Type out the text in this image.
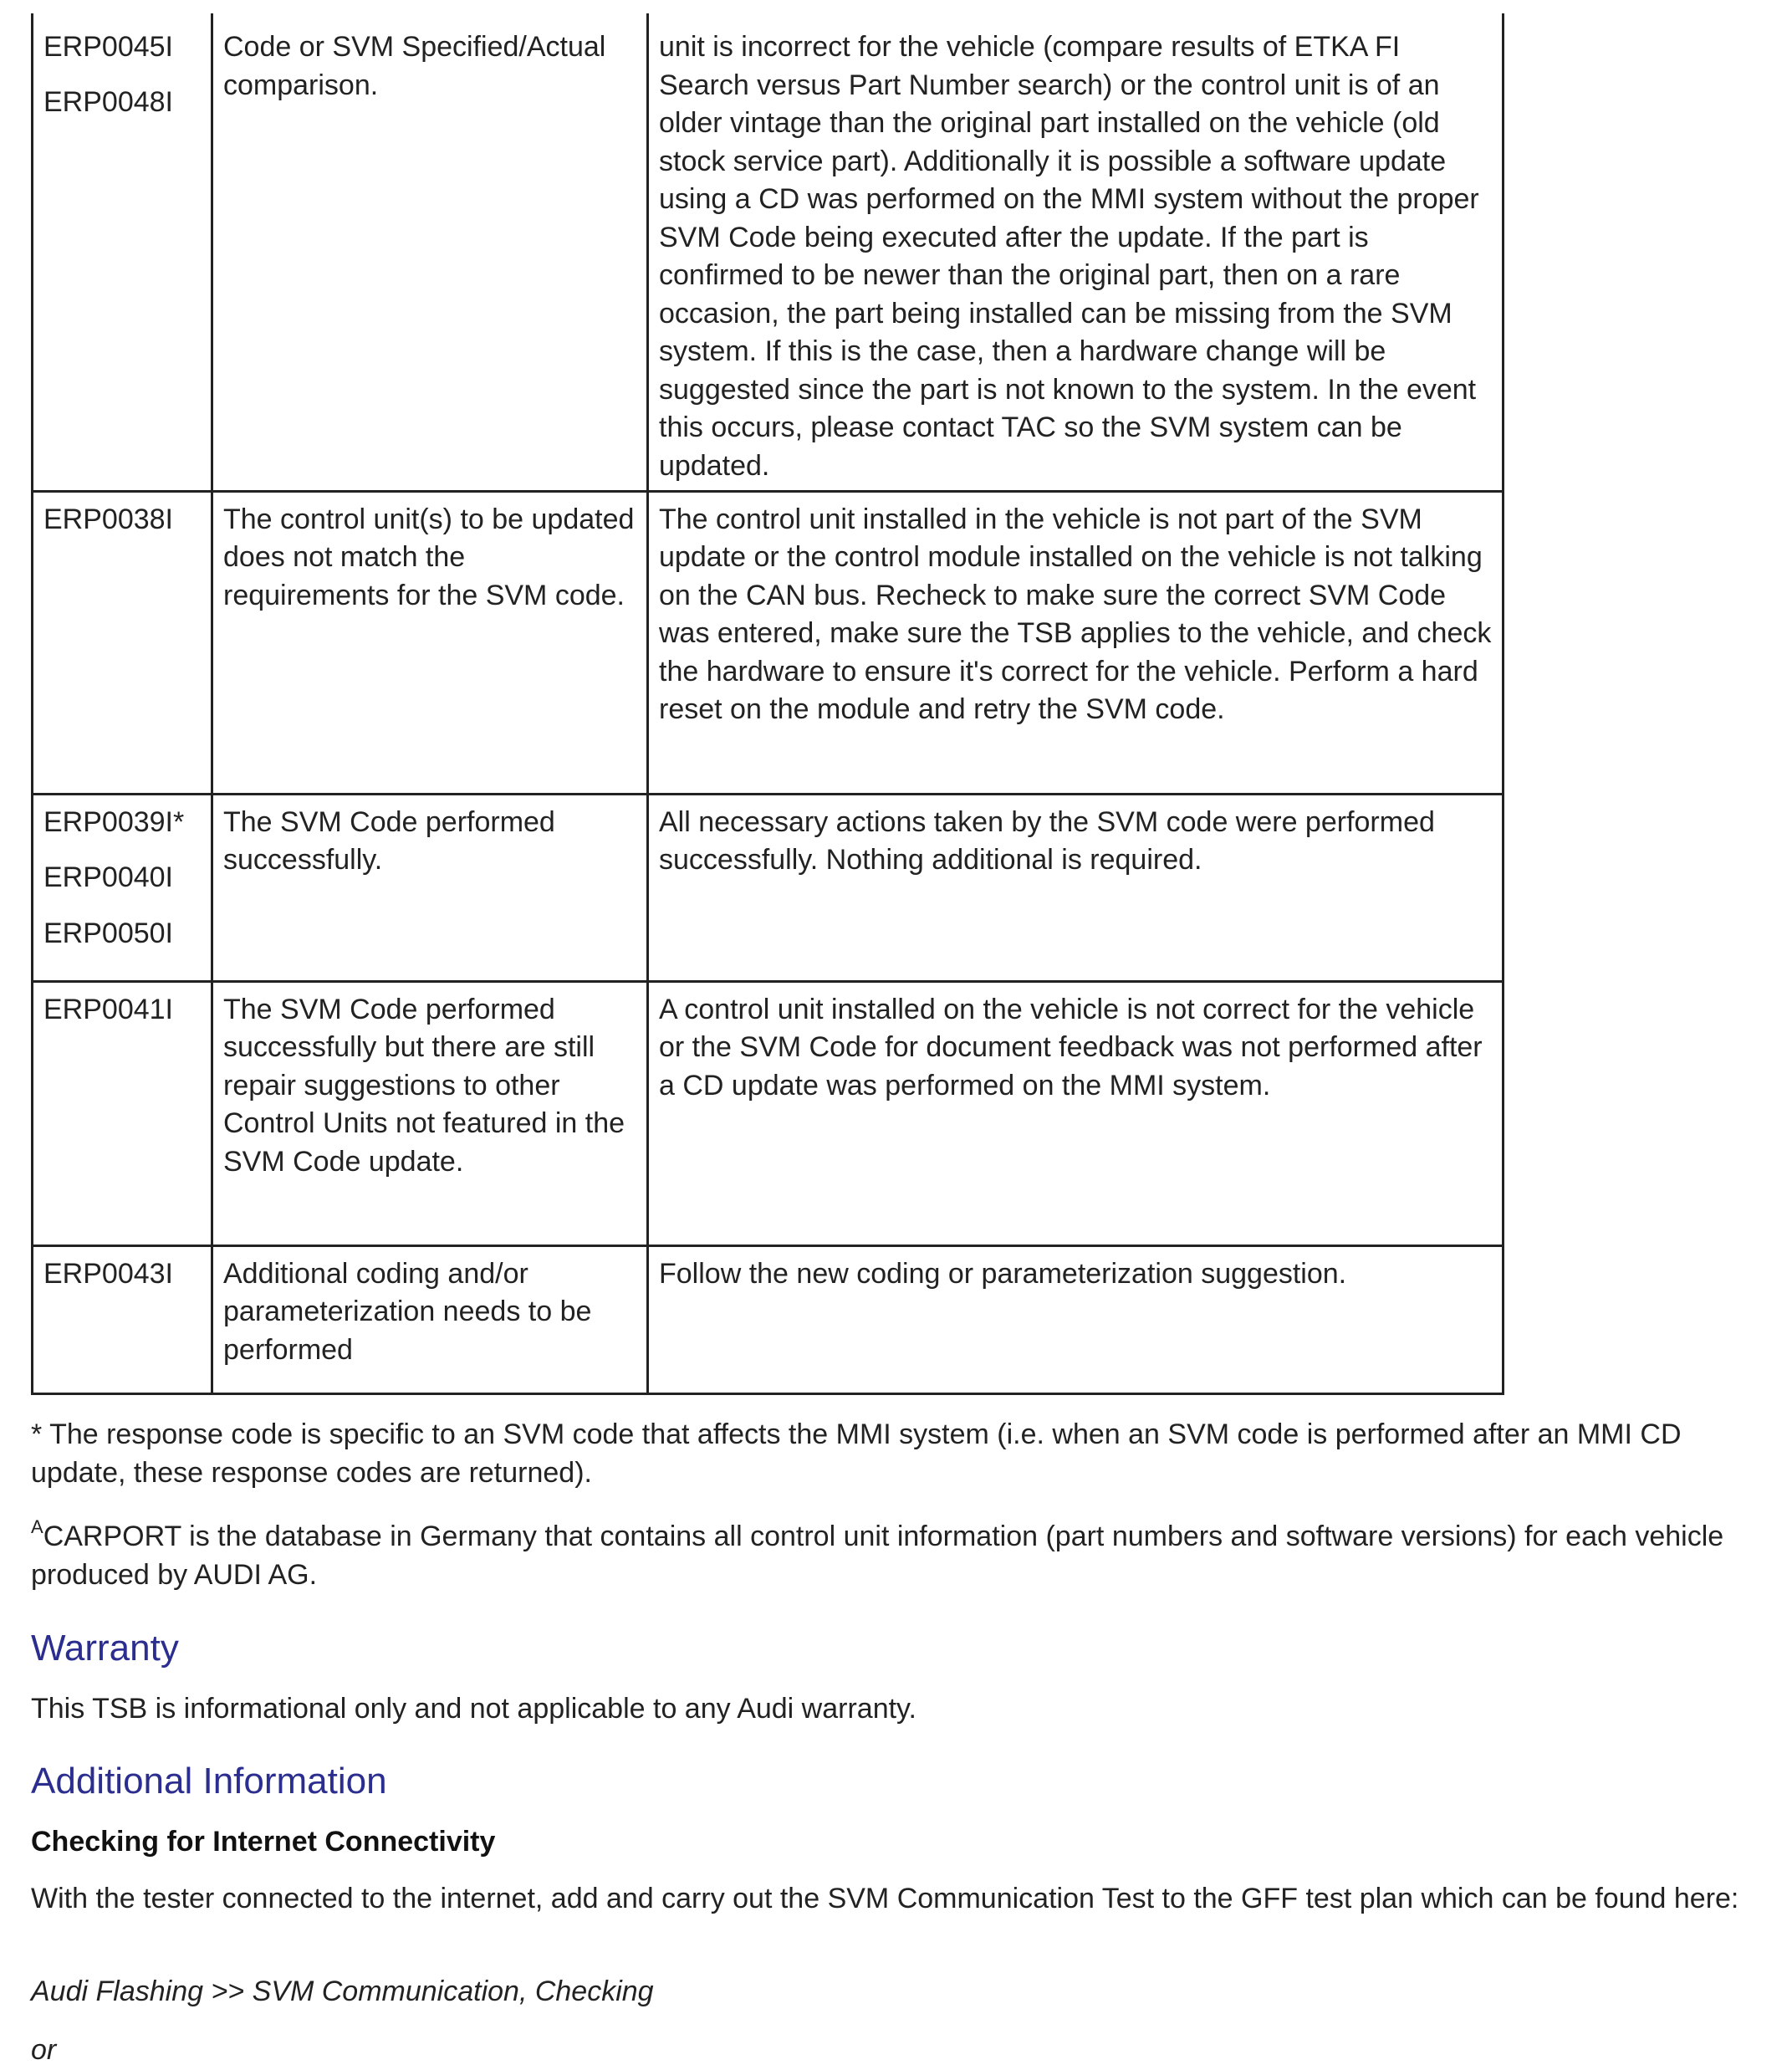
ERP0045I
ERP0048I	Code or SVM Specified/Actual comparison.	unit is incorrect for the vehicle (compare results of ETKA FI Search versus Part Number search) or the control unit is of an older vintage than the original part installed on the vehicle (old stock service part). Additionally it is possible a software update using a CD was performed on the MMI system without the proper SVM Code being executed after the update. If the part is confirmed to be newer than the original part, then on a rare occasion, the part being installed can be missing from the SVM system. If this is the case, then a hardware change will be suggested since the part is not known to the system. In the event this occurs, please contact TAC so the SVM system can be updated.

ERP0038I	The control unit(s) to be updated does not match the requirements for the SVM code.	The control unit installed in the vehicle is not part of the SVM update or the control module installed on the vehicle is not talking on the CAN bus. Recheck to make sure the correct SVM Code was entered, make sure the TSB applies to the vehicle, and check the hardware to ensure it's correct for the vehicle. Perform a hard reset on the module and retry the SVM code.

ERP0039I*
ERP0040I
ERP0050I	The SVM Code performed successfully.	All necessary actions taken by the SVM code were performed successfully. Nothing additional is required.

ERP0041I	The SVM Code performed successfully but there are still repair suggestions to other Control Units not featured in the SVM Code update.	A control unit installed on the vehicle is not correct for the vehicle or the SVM Code for document feedback was not performed after a CD update was performed on the MMI system.

ERP0043I	Additional coding and/or parameterization needs to be performed	Follow the new coding or parameterization suggestion.
* The response code is specific to an SVM code that affects the MMI system (i.e. when an SVM code is performed after an MMI CD update, these response codes are returned).
$^A$CARPORT is the database in Germany that contains all control unit information (part numbers and software versions) for each vehicle produced by AUDI AG.
Warranty
This TSB is informational only and not applicable to any Audi warranty.
Additional Information
Checking for Internet Connectivity
With the tester connected to the internet, add and carry out the SVM Communication Test to the GFF test plan which can be found here:
Audi Flashing >> SVM Communication, Checking
or
